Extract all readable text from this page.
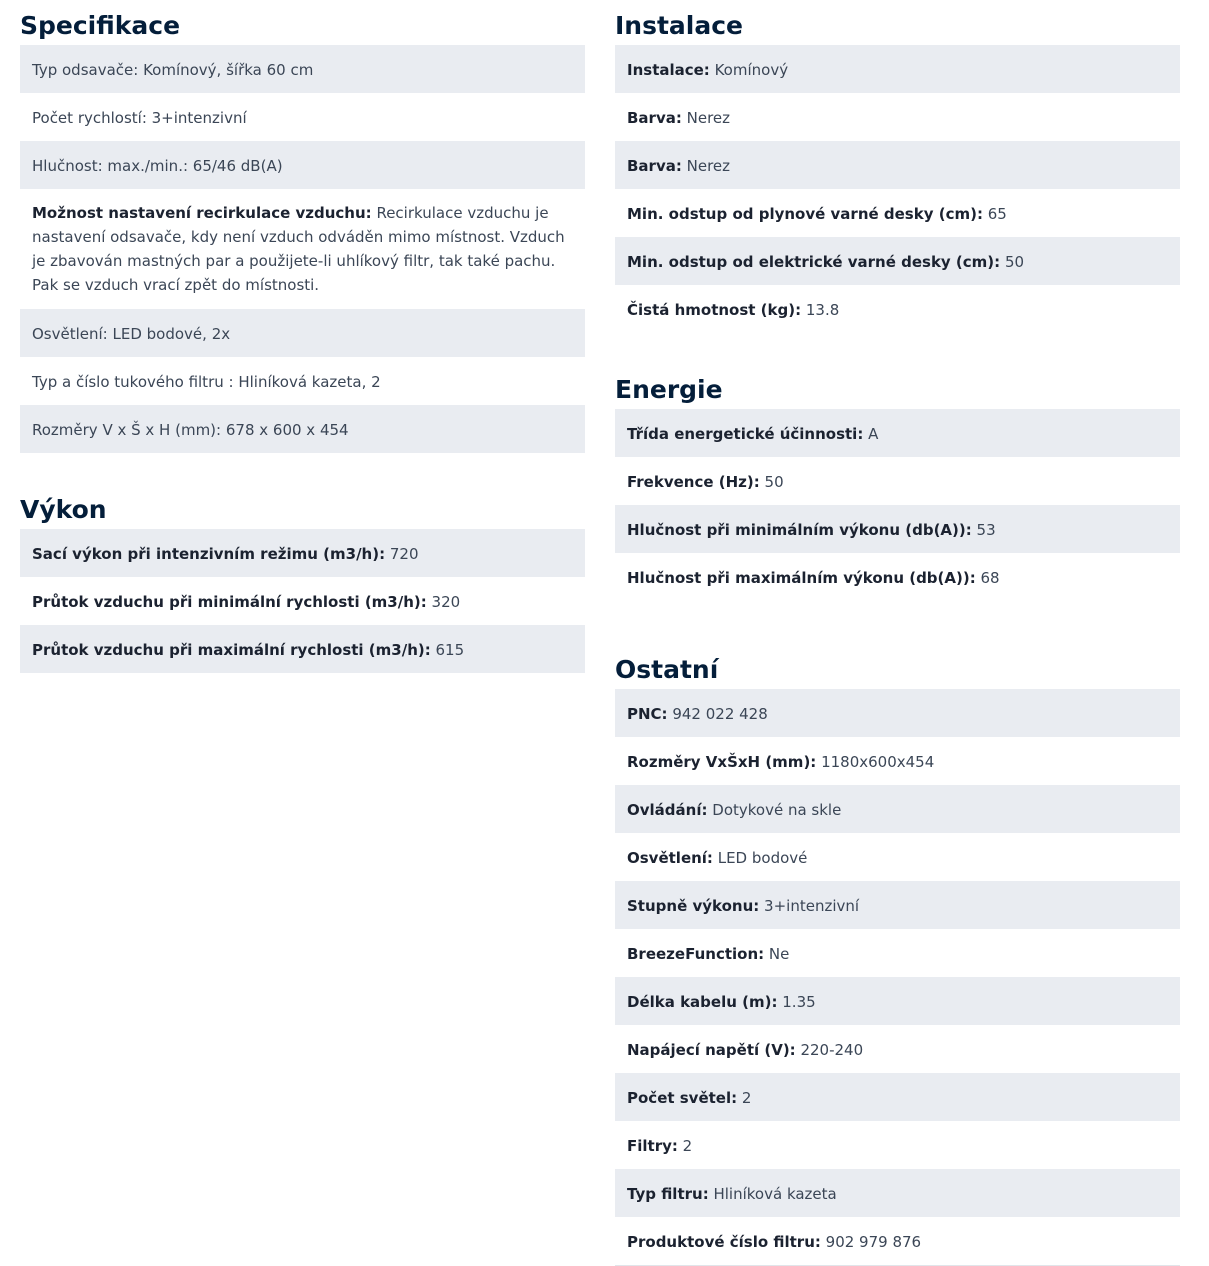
Specifikace
Typ odsavače: Komínový, šířka 60 cm
Počet rychlostí: 3+intenzivní
Hlučnost: max./min.: 65/46 dB(A)
Možnost nastavení recirkulace vzduchu: Recirkulace vzduchu je nastavení odsavače, kdy není vzduch odváděn mimo místnost. Vzduch je zbavován mastných par a použijete-li uhlíkový filtr, tak také pachu. Pak se vzduch vrací zpět do místnosti.
Osvětlení: LED bodové, 2x
Typ a číslo tukového filtru : Hliníková kazeta, 2
Rozměry V x Š x H (mm): 678 x 600 x 454
Výkon
Sací výkon při intenzivním režimu (m3/h): 720
Průtok vzduchu při minimální rychlosti (m3/h): 320
Průtok vzduchu při maximální rychlosti (m3/h): 615
Instalace
Instalace: Komínový
Barva: Nerez
Barva: Nerez
Min. odstup od plynové varné desky (cm): 65
Min. odstup od elektrické varné desky (cm): 50
Čistá hmotnost (kg): 13.8
Energie
Třída energetické účinnosti: A
Frekvence (Hz): 50
Hlučnost při minimálním výkonu (db(A)): 53
Hlučnost při maximálním výkonu (db(A)): 68
Ostatní
PNC: 942 022 428
Rozměry VxŠxH (mm): 1180x600x454
Ovládání: Dotykové na skle
Osvětlení: LED bodové
Stupně výkonu: 3+intenzivní
BreezeFunction: Ne
Délka kabelu (m): 1.35
Napájecí napětí (V): 220-240
Počet světel: 2
Filtry: 2
Typ filtru: Hliníková kazeta
Produktové číslo filtru: 902 979 876
